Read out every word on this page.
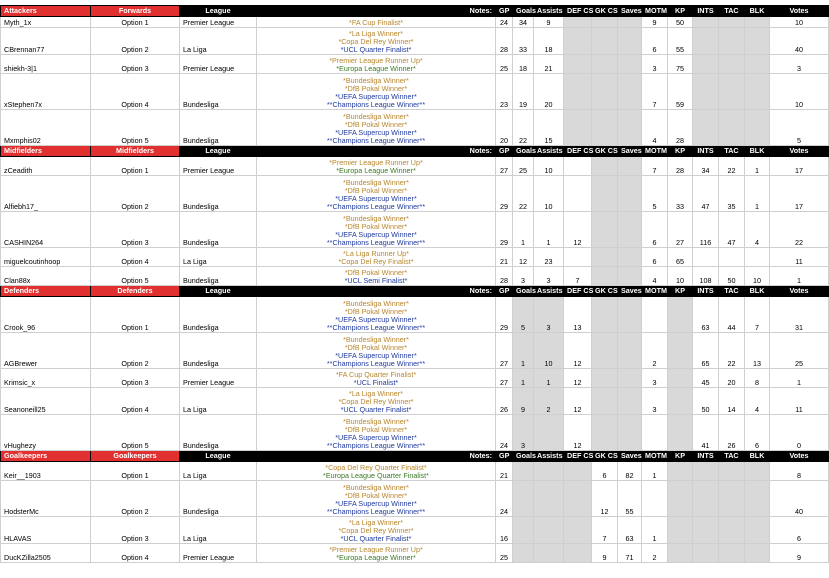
Attackers	Forwards	League	Notes:	GP	Goals	Assists	DEF CS	GK CS	Saves	MOTM	KP	INTS	TAC	BLK	Votes
Myth_1x	Option 1	Premier League	*FA Cup Finalist*	24	34	9				9	50				10
CBrennan77	Option 2	La Liga	*La Liga Winner*
*Copa Del Rey Winner*
*UCL Quarter Finalist*	28	33	18				6	55				40
shiekh-3|1	Option 3	Premier League	*Premier League Runner Up*
*Europa League Winner*	25	18	21				3	75				3
xStephen7x	Option 4	Bundesliga	*Bundesliga Winner*
*DfB Pokal Winner*
*UEFA Supercup Winner*
**Champions League Winner**	23	19	20				7	59				10
Mxmphis02	Option 5	Bundesliga	*Bundesliga Winner*
*DfB Pokal Winner*
*UEFA Supercup Winner*
**Champions League Winner**	20	22	15				4	28				5
Midfielders	Midfielders	League	Notes:	GP	Goals	Assists	DEF CS	GK CS	Saves	MOTM	KP	INTS	TAC	BLK	Votes
zCeadith	Option 1	Premier League	*Premier League Runner Up*
*Europa League Winner*	27	25	10				7	28	34	22	1	17
Alfiebh17_	Option 2	Bundesliga	*Bundesliga Winner*
*DfB Pokal Winner*
*UEFA Supercup Winner*
**Champions League Winner**	29	22	10				5	33	47	35	1	17
CASHIN264	Option 3	Bundesliga	*Bundesliga Winner*
*DfB Pokal Winner*
*UEFA Supercup Winner*
**Champions League Winner**	29	1	1	12			6	27	116	47	4	22
miguelcoutinhoop	Option 4	La Liga	*La Liga Runner Up*
*Copa Del Rey Finalist*	21	12	23				6	65				11
Clan88x	Option 5	Bundesliga	*DfB Pokal Winner*
*UCL Semi Finalist*	28	3	3	7			4	10	108	50	10	1
Defenders	Defenders	League	Notes:	GP	Goals	Assists	DEF CS	GK CS	Saves	MOTM	KP	INTS	TAC	BLK	Votes
Crook_96	Option 1	Bundesliga	*Bundesliga Winner*
*DfB Pokal Winner*
*UEFA Supercup Winner*
**Champions League Winner**	29	5	3	13					63	44	7	31
AGBrewer	Option 2	Bundesliga	*Bundesliga Winner*
*DfB Pokal Winner*
*UEFA Supercup Winner*
**Champions League Winner**	27	1	10	12			2		65	22	13	25
Krimsic_x	Option 3	Premier League	*FA Cup Quarter Finalist*
*UCL Finalist*	27	1	1	12			3		45	20	8	1
Seanoneill25	Option 4	La Liga	*La Liga Winner*
*Copa Del Rey Winner*
*UCL Quarter Finalist*	26	9	2	12			3		50	14	4	11
vHughezy	Option 5	Bundesliga	*Bundesliga Winner*
*DfB Pokal Winner*
*UEFA Supercup Winner*
**Champions League Winner**	24	3		12					41	26	6	0
Goalkeepers	Goalkeepers	League	Notes:	GP	Goals	Assists	DEF CS	GK CS	Saves	MOTM	KP	INTS	TAC	BLK	Votes
Keir__1903	Option 1	La Liga	*Copa Del Rey Quarter Finalist*
*Europa League Quarter Finalist*	21				6	82	1					8
HodsterMc	Option 2	Bundesliga	*Bundesliga Winner*
*DfB Pokal Winner*
*UEFA Supercup Winner*
**Champions League Winner**	24				12	55						40
HLAVAS	Option 3	La Liga	*La Liga Winner*
*Copa Del Rey Winner*
*UCL Quarter Finalist*	16				7	63	1					6
DucKZilla2505	Option 4	Premier League	*Premier League Runner Up*
*Europa League Winner*	25				9	71	2					9
